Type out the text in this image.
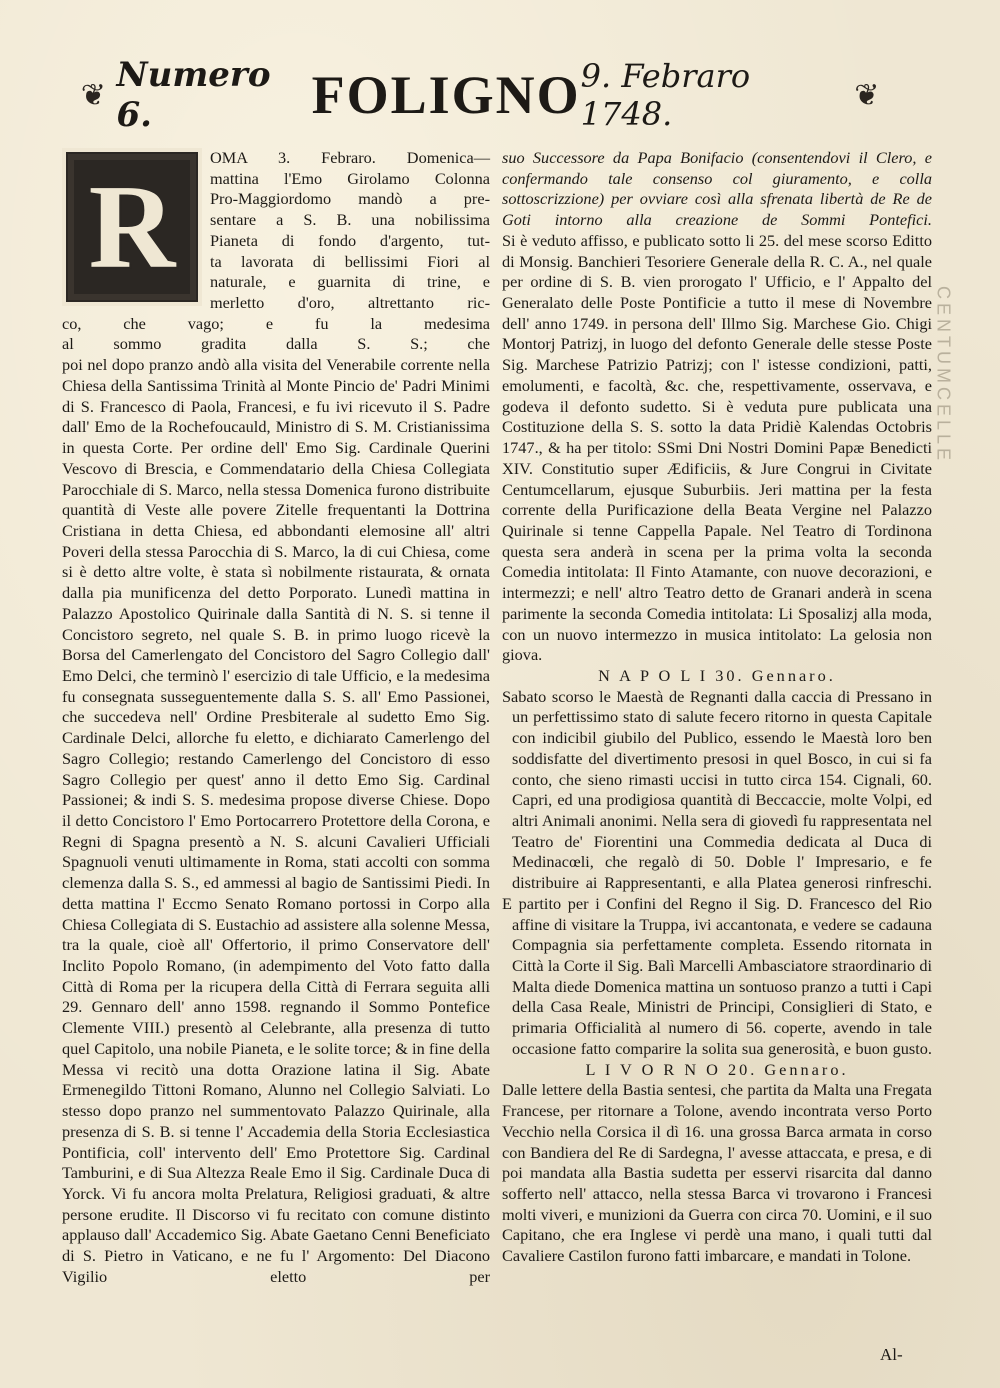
❦ Numero 6.	FOLIGNO 9. Febraro 1748.	❦
R
OMA 3. Febraro. Domenica—
mattina l'Emo Girolamo Colonna
Pro-Maggiordomo mandò a pre-
sentare a S. B. una nobilissima
Pianeta di fondo d'argento, tut-
ta lavorata di bellissimi Fiori al
naturale, e guarnita di trine, e
merletto d'oro, altrettanto ric-
co, che vago; e fu la medesima
al sommo gradita dalla S. S.; che

poi nel dopo pranzo andò alla visita del Venerabile corrente nella Chiesa della Santissima Trinità al Monte Pincio de' Padri Minimi di S. Francesco di Paola, Francesi, e fu ivi ricevuto il S. Padre dall' Emo de la Rochefoucauld, Ministro di S. M. Cristianissima in questa Corte. Per ordine dell' Emo Sig. Cardinale Querini Vescovo di Brescia, e Commendatario della Chiesa Collegiata Parocchiale di S. Marco, nella stessa Domenica furono distribuite quantità di Veste alle povere Zitelle frequentanti la Dottrina Cristiana in detta Chiesa, ed abbondanti elemosine all' altri Poveri della stessa Parocchia di S. Marco, la di cui Chiesa, come si è detto altre volte, è stata sì nobilmente ristaurata, & ornata dalla pia munificenza del detto Porporato. Lunedì mattina in Palazzo Apostolico Quirinale dalla Santità di N. S. si tenne il Concistoro segreto, nel quale S. B. in primo luogo ricevè la Borsa del Camerlengato del Concistoro del Sagro Collegio dall' Emo Delci, che terminò l' esercizio di tale Ufficio, e la medesima fu consegnata susseguentemente dalla S. S. all' Emo Passionei, che succedeva nell' Ordine Presbiterale al sudetto Emo Sig. Cardinale Delci, allorche fu eletto, e dichiarato Camerlengo del Sagro Collegio; restando Camerlengo del Concistoro di esso Sagro Collegio per quest' anno il detto Emo Sig. Cardinal Passionei; & indi S. S. medesima propose diverse Chiese. Dopo il detto Concistoro l' Emo Portocarrero Protettore della Corona, e Regni di Spagna presentò a N. S. alcuni Cavalieri Ufficiali Spagnuoli venuti ultimamente in Roma, stati accolti con somma clemenza dalla S. S., ed ammessi al bagio de Santissimi Piedi. In detta mattina l' Eccmo Senato Romano portossi in Corpo alla Chiesa Collegiata di S. Eustachio ad assistere alla solenne Messa, tra la quale, cioè all' Offertorio, il primo Conservatore dell' Inclito Popolo Romano, (in adempimento del Voto fatto dalla Città di Roma per la ricupera della Città di Ferrara seguita alli 29. Gennaro dell' anno 1598. regnando il Sommo Pontefice Clemente VIII.) presentò al Celebrante, alla presenza di tutto quel Capitolo, una nobile Pianeta, e le solite torce; & in fine della Messa vi recitò una dotta Orazione latina il Sig. Abate Ermenegildo Tittoni Romano, Alunno nel Collegio Salviati. Lo stesso dopo pranzo nel summentovato Palazzo Quirinale, alla presenza di S. B. si tenne l' Accademia della Storia Ecclesiastica Pontificia, coll' intervento dell' Emo Protettore Sig. Cardinal Tamburini, e di Sua Altezza Reale Emo il Sig. Cardinale Duca di Yorck. Vi fu ancora molta Prelatura, Religiosi graduati, & altre persone erudite. Il Discorso vi fu recitato con comune distinto applauso dall' Accademico Sig. Abate Gaetano Cenni Beneficiato di S. Pietro in Vaticano, e ne fu l' Argomento: Del Diacono Vigilio eletto per

suo Successore da Papa Bonifacio (consentendovi il Clero, e confermando tale consenso col giuramento, e colla sottoscrizzione) per ovviare così alla sfrenata libertà de Re de Goti intorno alla creazione de Sommi Pontefici.

Si è veduto affisso, e publicato sotto li 25. del mese scorso Editto di Monsig. Banchieri Tesoriere Generale della R. C. A., nel quale per ordine di S. B. vien prorogato l' Ufficio, e l' Appalto del Generalato delle Poste Pontificie a tutto il mese di Novembre dell' anno 1749. in persona dell' Illmo Sig. Marchese Gio. Chigi Montorj Patrizj, in luogo del defonto Generale delle stesse Poste Sig. Marchese Patrizio Patrizj; con l' istesse condizioni, patti, emolumenti, e facoltà, &c. che, respettivamente, osservava, e godeva il defonto sudetto. Si è veduta pure publicata una Costituzione della S. S. sotto la data Pridiè Kalendas Octobris 1747., & ha per titolo: SSmi Dni Nostri Domini Papæ Benedicti XIV. Constitutio super Ædificiis, & Jure Congrui in Civitate Centumcellarum, ejusque Suburbiis. Jeri mattina per la festa corrente della Purificazione della Beata Vergine nel Palazzo Quirinale si tenne Cappella Papale. Nel Teatro di Tordinona questa sera anderà in scena per la prima volta la seconda Comedia intitolata: Il Finto Atamante, con nuove decorazioni, e intermezzi; e nell' altro Teatro detto de Granari anderà in scena parimente la seconda Comedia intitolata: Li Sposalizj alla moda, con un nuovo intermezzo in musica intitolato: La gelosia non giova.

N A P O L I 30. Gennaro.

Sabato scorso le Maestà de Regnanti dalla caccia di Pressano in un perfettissimo stato di salute fecero ritorno in questa Capitale con indicibil giubilo del Publico, essendo le Maestà loro ben soddisfatte del divertimento presosi in quel Bosco, in cui si fa conto, che sieno rimasti uccisi in tutto circa 154. Cignali, 60. Capri, ed una prodigiosa quantità di Beccaccie, molte Volpi, ed altri Animali anonimi. Nella sera di giovedì fu rappresentata nel Teatro de' Fiorentini una Commedia dedicata al Duca di Medinacœli, che regalò di 50. Doble l' Impresario, e fe distribuire ai Rappresentanti, e alla Platea generosi rinfreschi.

E partito per i Confini del Regno il Sig. D. Francesco del Rio affine di visitare la Truppa, ivi accantonata, e vedere se cadauna Compagnia sia perfettamente completa. Essendo ritornata in Città la Corte il Sig. Balì Marcelli Ambasciatore straordinario di Malta diede Domenica mattina un sontuoso pranzo a tutti i Capi della Casa Reale, Ministri de Principi, Consiglieri di Stato, e primaria Officialità al numero di 56. coperte, avendo in tale occasione fatto comparire la solita sua generosità, e buon gusto.

L I V O R N O 20. Gennaro.

Dalle lettere della Bastia sentesi, che partita da Malta una Fregata Francese, per ritornare a Tolone, avendo incontrata verso Porto Vecchio nella Corsica il dì 16. una grossa Barca armata in corso con Bandiera del Re di Sardegna, l' avesse attaccata, e presa, e di poi mandata alla Bastia sudetta per esservi risarcita dal danno sofferto nell' attacco, nella stessa Barca vi trovarono i Francesi molti viveri, e munizioni da Guerra con circa 70. Uomini, e il suo Capitano, che era Inglese vi perdè una mano, i quali tutti dal Cavaliere Castilon furono fatti imbarcare, e mandati in Tolone.

CENTUMCELLE
Al-
